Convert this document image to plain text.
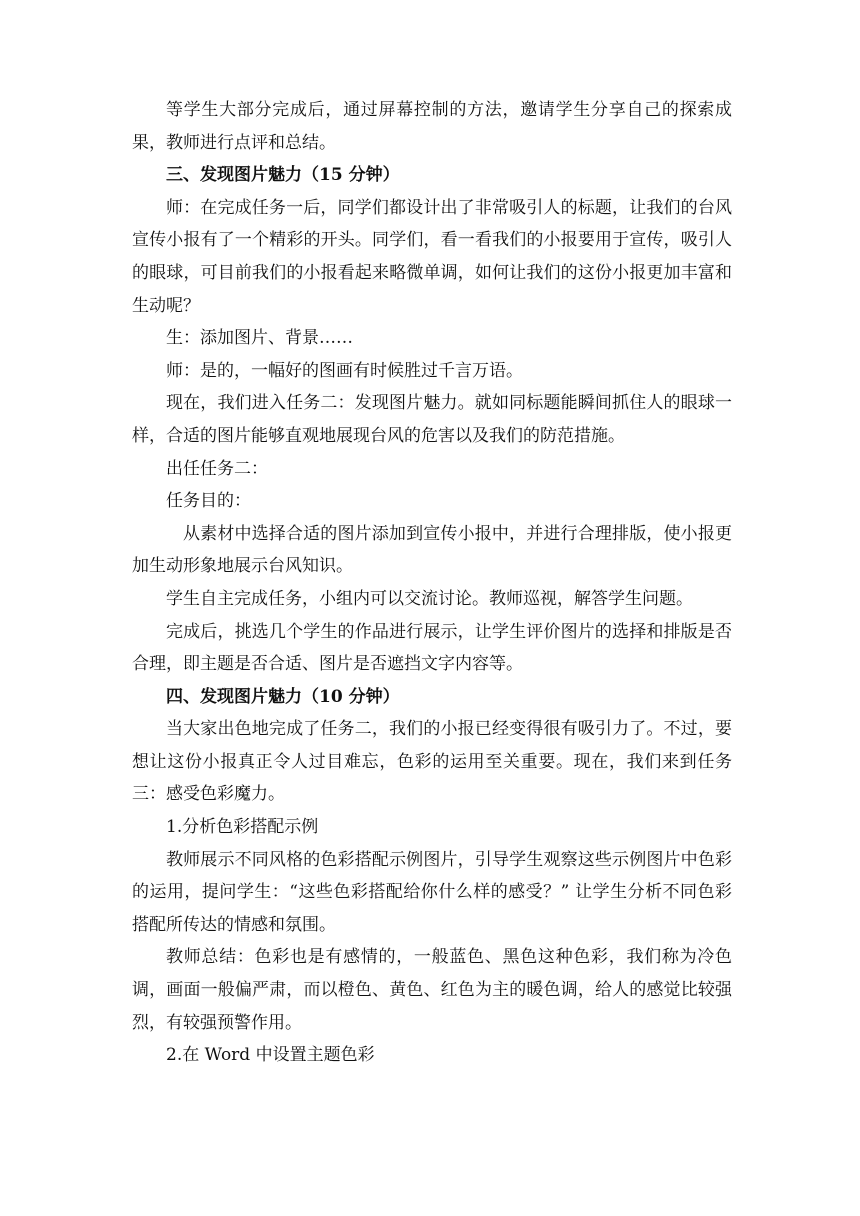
等学生大部分完成后，通过屏幕控制的方法，邀请学生分享自己的探索成果，教师进行点评和总结。

三、发现图片魅力（15 分钟）

师：在完成任务一后，同学们都设计出了非常吸引人的标题，让我们的台风宣传小报有了一个精彩的开头。同学们，看一看我们的小报要用于宣传，吸引人的眼球，可目前我们的小报看起来略微单调，如何让我们的这份小报更加丰富和生动呢？

生：添加图片、背景……

师：是的，一幅好的图画有时候胜过千言万语。

现在，我们进入任务二：发现图片魅力。就如同标题能瞬间抓住人的眼球一样，合适的图片能够直观地展现台风的危害以及我们的防范措施。

出任任务二：

任务目的：

从素材中选择合适的图片添加到宣传小报中，并进行合理排版，使小报更加生动形象地展示台风知识。

学生自主完成任务，小组内可以交流讨论。教师巡视，解答学生问题。

完成后，挑选几个学生的作品进行展示，让学生评价图片的选择和排版是否合理，即主题是否合适、图片是否遮挡文字内容等。

四、发现图片魅力（10 分钟）

当大家出色地完成了任务二，我们的小报已经变得很有吸引力了。不过，要想让这份小报真正令人过目难忘，色彩的运用至关重要。现在，我们来到任务三：感受色彩魔力。

1.分析色彩搭配示例

教师展示不同风格的色彩搭配示例图片，引导学生观察这些示例图片中色彩的运用，提问学生：“这些色彩搭配给你什么样的感受？” 让学生分析不同色彩搭配所传达的情感和氛围。

教师总结：色彩也是有感情的，一般蓝色、黑色这种色彩，我们称为冷色调，画面一般偏严肃，而以橙色、黄色、红色为主的暖色调，给人的感觉比较强烈，有较强预警作用。

2.在 Word 中设置主题色彩
